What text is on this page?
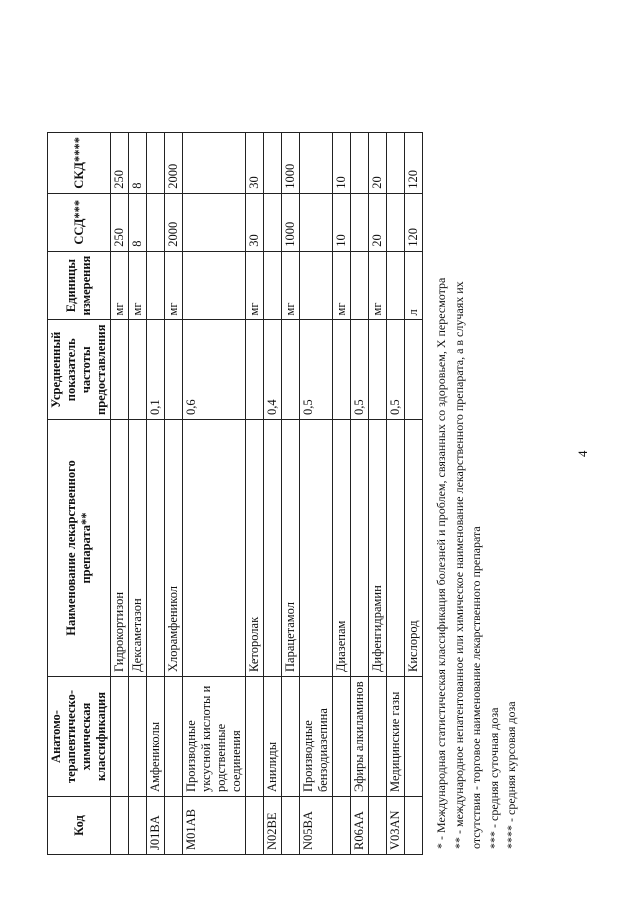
Код	Анатомо-терапевтическо-химическая классификация	Наименование лекарственного препарата**	Усредненный показатель частоты предоставления	Единицы измерения	ССД***	СКД****
		Гидрокортизон		мг	250	250
		Дексаметазон		мг	8	8
J01BA	Амфениколы		0,1			
		Хлорамфеникол		мг	2000	2000
M01AB	Производные уксусной кислоты и родственные соединения		0,6			
		Кеторолак		мг	30	30
N02BE	Анилиды		0,4			
		Парацетамол		мг	1000	1000
N05BA	Производные бензодиазепина		0,5			
		Диазепам		мг	10	10
R06AA	Эфиры алкиламинов		0,5			
		Дифенгидрамин		мг	20	20
V03AN	Медицинские газы		0,5			
		Кислород		л	120	120
* - Международная статистическая классификация болезней и проблем, связанных со здоровьем, X пересмотра ** - международное непатентованное или химическое наименование лекарственного препарата, а в случаях их отсутствия - торговое наименование лекарственного препарата *** - средняя суточная доза **** - средняя курсовая доза
4
